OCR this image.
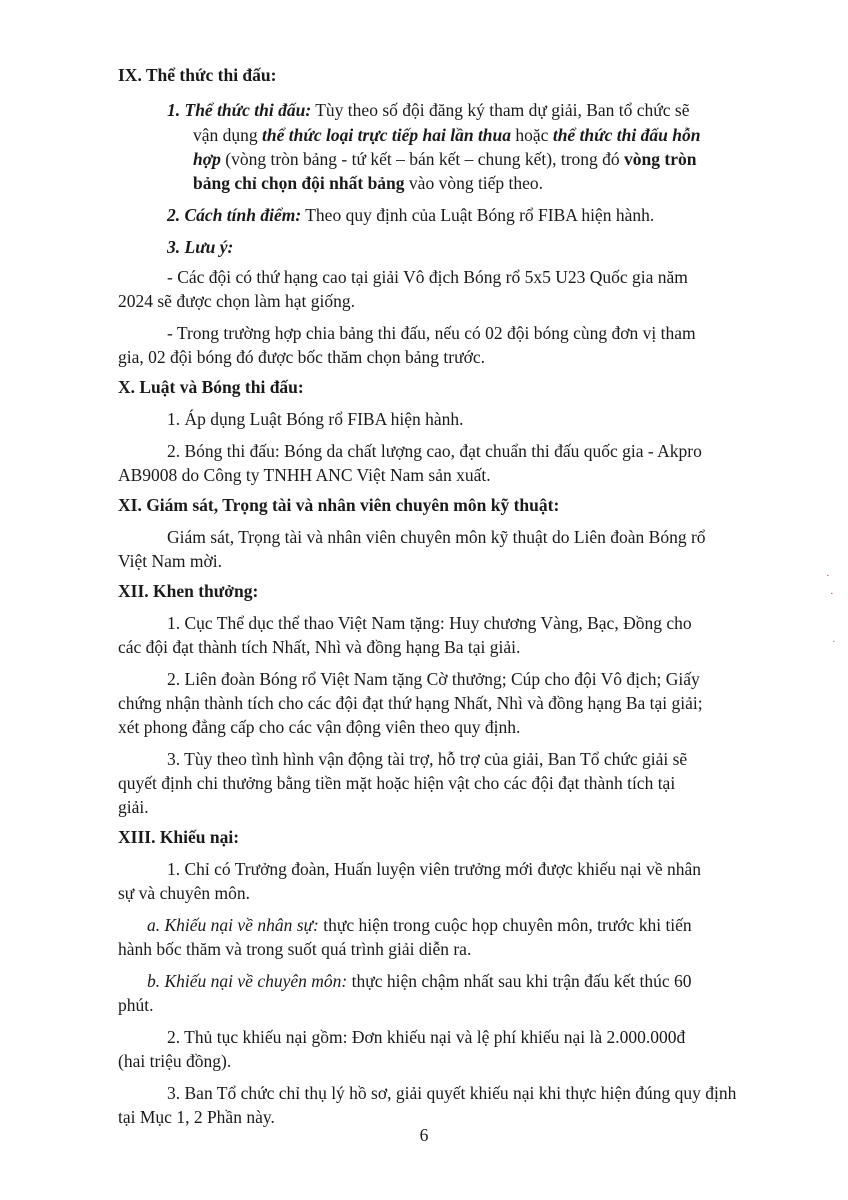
IX. Thể thức thi đấu:
1. Thể thức thi đấu: Tùy theo số đội đăng ký tham dự giải, Ban tổ chức sẽ
vận dụng thể thức loại trực tiếp hai lần thua hoặc thể thức thi đấu hỗn
hợp (vòng tròn bảng - tứ kết – bán kết – chung kết), trong đó vòng tròn
bảng chỉ chọn đội nhất bảng vào vòng tiếp theo.
2. Cách tính điểm: Theo quy định của Luật Bóng rổ FIBA hiện hành.
3. Lưu ý:
- Các đội có thứ hạng cao tại giải Vô địch Bóng rổ 5x5 U23 Quốc gia năm
2024 sẽ được chọn làm hạt giống.
- Trong trường hợp chia bảng thi đấu, nếu có 02 đội bóng cùng đơn vị tham
gia, 02 đội bóng đó được bốc thăm chọn bảng trước.
X. Luật và Bóng thi đấu:
1. Áp dụng Luật Bóng rổ FIBA hiện hành.
2. Bóng thi đấu: Bóng da chất lượng cao, đạt chuẩn thi đấu quốc gia - Akpro
AB9008 do Công ty TNHH ANC Việt Nam sản xuất.
XI. Giám sát, Trọng tài và nhân viên chuyên môn kỹ thuật:
Giám sát, Trọng tài và nhân viên chuyên môn kỹ thuật do Liên đoàn Bóng rổ
Việt Nam mời.
XII. Khen thưởng:
1. Cục Thể dục thể thao Việt Nam tặng: Huy chương Vàng, Bạc, Đồng cho
các đội đạt thành tích Nhất, Nhì và đồng hạng Ba tại giải.
2. Liên đoàn Bóng rổ Việt Nam tặng Cờ thưởng; Cúp cho đội Vô địch; Giấy
chứng nhận thành tích cho các đội đạt thứ hạng Nhất, Nhì và đồng hạng Ba tại giải;
xét phong đẳng cấp cho các vận động viên theo quy định.
3. Tùy theo tình hình vận động tài trợ, hỗ trợ của giải, Ban Tổ chức giải sẽ
quyết định chi thưởng bằng tiền mặt hoặc hiện vật cho các đội đạt thành tích tại
giải.
XIII. Khiếu nại:
1. Chỉ có Trưởng đoàn, Huấn luyện viên trưởng mới được khiếu nại về nhân
sự và chuyên môn.
a. Khiếu nại về nhân sự: thực hiện trong cuộc họp chuyên môn, trước khi tiến
hành bốc thăm và trong suốt quá trình giải diễn ra.
b. Khiếu nại về chuyên môn: thực hiện chậm nhất sau khi trận đấu kết thúc 60
phút.
2. Thủ tục khiếu nại gồm: Đơn khiếu nại và lệ phí khiếu nại là 2.000.000đ
(hai triệu đồng).
3. Ban Tổ chức chỉ thụ lý hồ sơ, giải quyết khiếu nại khi thực hiện đúng quy định
tại Mục 1, 2 Phần này.
6
·
·
·
